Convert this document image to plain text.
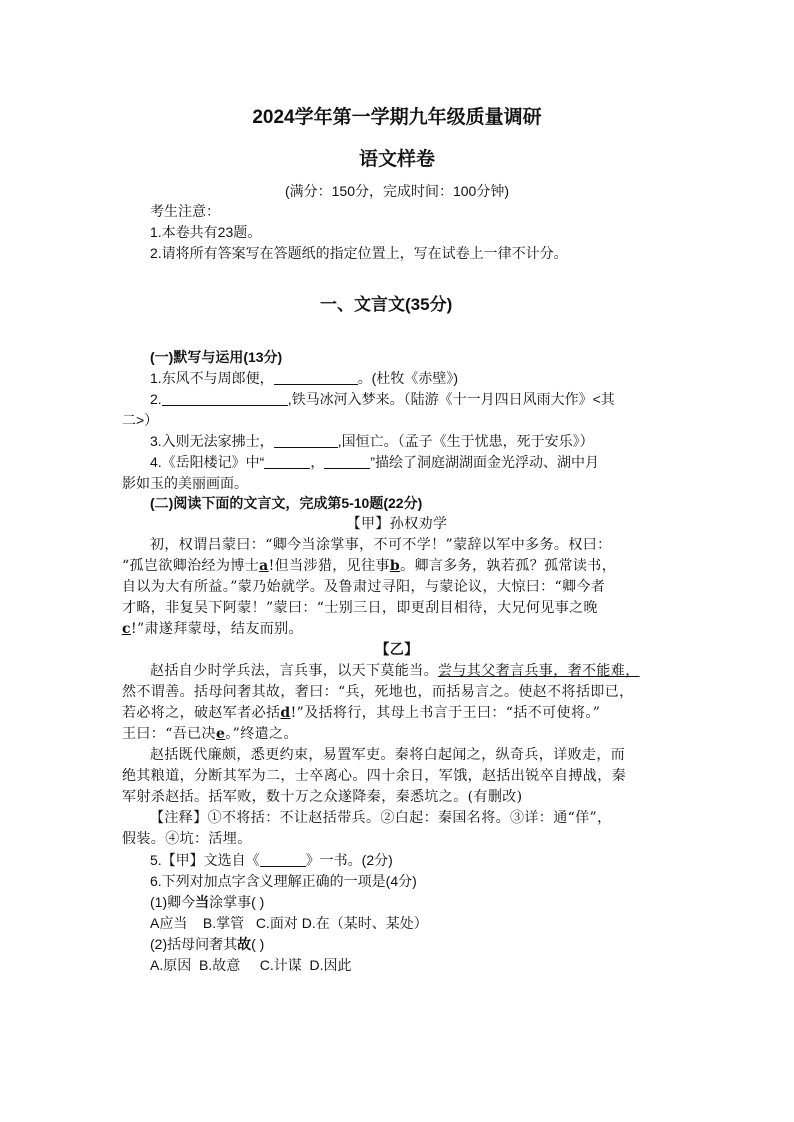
2024学年第一学期九年级质量调研
语文样卷
(满分：150分，完成时间：100分钟)
考生注意：
1.本卷共有23题。
2.请将所有答案写在答题纸的指定位置上，写在试卷上一律不计分。
一、文言文(35分)
(一)默写与运用(13分)
1.东风不与周郎便，	。(杜牧《赤壁》)
2.	,铁马冰河入梦来。（陆游《十一月四日风雨大作》<其
二>）
3.入则无法家拂士，	,国恒亡。（孟子《生于忧患，死于安乐》）
4.《岳阳楼记》中“	，	”描绘了洞庭湖湖面金光浮动、湖中月
影如玉的美丽画面。
(二)阅读下面的文言文，完成第5-10题(22分)
【甲】孙权劝学
初，权谓吕蒙曰：“卿今当涂掌事，不可不学！”蒙辞以军中多务。权曰：
“孤岂欲卿治经为博士a!但当涉猎，见往事b。卿言多务，孰若孤？孤常读书，
自以为大有所益。”蒙乃始就学。及鲁肃过寻阳，与蒙论议，大惊曰：“卿今者
才略，非复吴下阿蒙！”蒙曰：“士别三日，即更刮目相待，大兄何见事之晚
c!”肃遂拜蒙母，结友而别。
【乙】
赵括自少时学兵法，言兵事，以天下莫能当。尝与其父奢言兵事，奢不能难，
然不谓善。括母问奢其故，奢曰：“兵，死地也，而括易言之。使赵不将括即已，
若必将之，破赵军者必括d!”及括将行，其母上书言于王曰：“括不可使将。”
王曰：“吾已决e。”终遣之。
赵括既代廉颇，悉更约束，易置军吏。秦将白起闻之，纵奇兵，详败走，而
绝其粮道，分断其军为二，士卒离心。四十余日，军饿，赵括出锐卒自搏战，秦
军射杀赵括。括军败，数十万之众遂降秦，秦悉坑之。(有删改)
【注释】①不将括：不让赵括带兵。②白起：秦国名将。③详：通“佯”，
假装。④坑：活埋。
5.【甲】文选自《	》一书。(2分)
6.下列对加点字含义理解正确的一项是(4分)
(1)卿今当涂掌事( )
A应当 B.掌管 C.面对 D.在（某时、某处）
(2)括母问奢其故( )
A.原因 B.故意 C.计谋 D.因此
